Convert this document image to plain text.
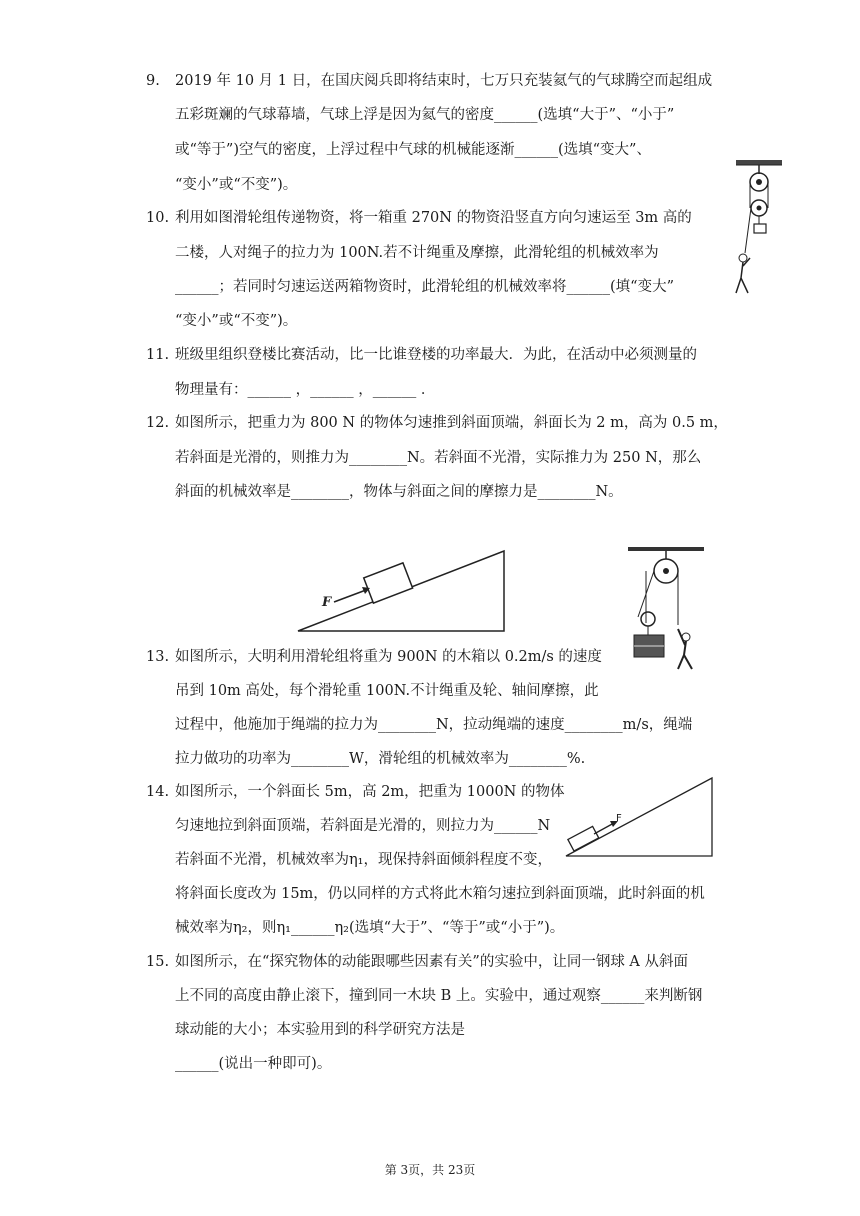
9. 2019 年 10 月 1 日，在国庆阅兵即将结束时，七万只充装氦气的气球腾空而起组成
五彩斑斓的气球幕墙，气球上浮是因为氦气的密度______(选填“大于”、“小于”
或“等于”)空气的密度，上浮过程中气球的机械能逐渐______(选填“变大”、
“变小”或“不变”)。
10. 利用如图滑轮组传递物资，将一箱重 270N 的物资沿竖直方向匀速运至 3m 高的
二楼，人对绳子的拉力为 100N.若不计绳重及摩擦，此滑轮组的机械效率为
______；若同时匀速运送两箱物资时，此滑轮组的机械效率将______(填“变大”
“变小”或“不变”)。
11. 班级里组织登楼比赛活动，比一比谁登楼的功率最大．为此，在活动中必须测量的
物理量有：______ ，______ ，______ ．
12. 如图所示，把重力为 800 N 的物体匀速推到斜面顶端，斜面长为 2 m，高为 0.5 m，
若斜面是光滑的，则推力为________N。若斜面不光滑，实际推力为 250 N，那么
斜面的机械效率是________，物体与斜面之间的摩擦力是________N。
F
13. 如图所示，大明利用滑轮组将重为 900N 的木箱以 0.2m/s 的速度
吊到 10m 高处，每个滑轮重 100N.不计绳重及轮、轴间摩擦，此
过程中，他施加于绳端的拉力为________N，拉动绳端的速度________m/s，绳端
拉力做功的功率为________W，滑轮组的机械效率为________%.
14. 如图所示，一个斜面长 5m，高 2m，把重为 1000N 的物体
匀速地拉到斜面顶端，若斜面是光滑的，则拉力为______N
若斜面不光滑，机械效率为η₁，现保持斜面倾斜程度不变，
将斜面长度改为 15m，仍以同样的方式将此木箱匀速拉到斜面顶端，此时斜面的机
械效率为η₂，则η₁______η₂(选填“大于”、“等于”或“小于”)。
F
15. 如图所示，在“探究物体的动能跟哪些因素有关”的实验中，让同一钢球 A 从斜面
上不同的高度由静止滚下，撞到同一木块 B 上。实验中，通过观察______来判断钢
球动能的大小；本实验用到的科学研究方法是
______(说出一种即可)。
第 3页，共 23页
